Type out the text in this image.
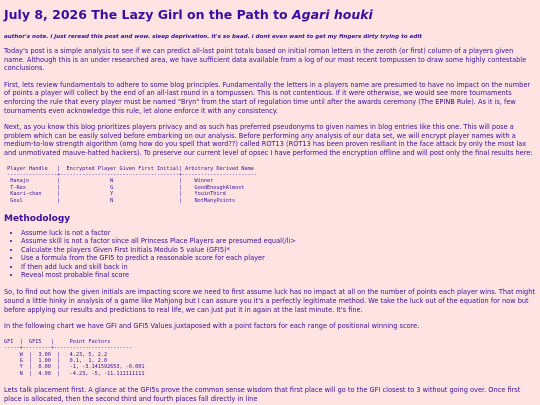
July 8, 2026 The Lazy Girl on the Path to Agari houki
author's note. i just reread this post and wow. sleep deprivation. it's so baad. i dont even want to get my fingers dirty trying to edit

Today's post is a simple analysis to see if we can predict all-last point totals based on initial roman letters in the zeroth (or first) column of a players given name. Although this is an under researched area, we have sufficient data available from a log of our most recent tompussen to draw some highly contestable conclusions.

First, lets review fundamentals to adhere to some blog principles. Fundamentally the letters in a players name are presumed to have no impact on the number of points a player will collect by the end of an all-last round in a tompussen. This is not contentious. If it were otherwise, we would see more tournaments enforcing the rule that every player must be named "Bryn" from the start of regulation time until after the awards ceremony (The EPINB Rule). As it is, few tournaments even acknowledge this rule, let alone enforce it with any consistency.

Next, as you know this blog prioritizes players privacy and as such has preferred pseudonyms to given names in blog entries like this one. This will pose a problem which can be easily solved before embarking on our analysis. Before performing any analysis of our data set, we will encrypt player names with a medium-to-low strength algorithm (omg how do you spell that word??) called ROT13 (ROT13 has been proven resiliant in the face attack by only the most lax and unmotivated mauve-hatted hackers). To preserve our current level of opsec I have performed the encryption offline and will post only the final results here:

Player Handle   |  Encrypted Player Given First Initial| Arbitrary Derived Name
----------------+--------------------------------------+------------------------
Hanajo         |                W                     |    Winner
T-Rex          |                G                     |    GoodEnoughAlmost
Kaori-chan     |                Y                     |    YouinThird
Goul           |                N                     |    NotManyPoints
Methodology
• Assume luck is not a factor
• Assume skill is not a factor since all Princess Place Players are presumed equal(/li>
• Calculate the players Given First Initials Modulo 5 value (GFI5)*
• Use a formula from the GFI5 to predict a reasonable score for each player
• If then add luck and skill back in
• Reveal most probable final score

So, to find out how the given initials are impacting score we need to first assume luck has no impact at all on the number of points each player wins. That might sound a little hinky in analysis of a game like Mahjong but I can assure you it's a perfectly legitimate method. We take the luck out of the equation for now but before applying our results and predictions to real life, we can just put it in again at the last minute. It's fine.

In the following chart we have GFI and GFI5 Values juxtaposed with a point factors for each range of positional winning score.

GFI  |  GFI5   |     Point Factors
-----+---------+-------------------------
W  |  3.00  |   4.23, 5, 2.2
G  |  1.00  |   0.1,  1, 2.0
Y  |  0.00  |   -1, -3.141592653, -0.001
N  |  4.00  |   -4.23, -5, -11.111111111

Lets talk placement first. A glance at the GFI5s prove the common sense wisdom that first place will go to the GFI closest to 3 without going over. Once first place is allocated, then the second third and fourth places fall directly in line
